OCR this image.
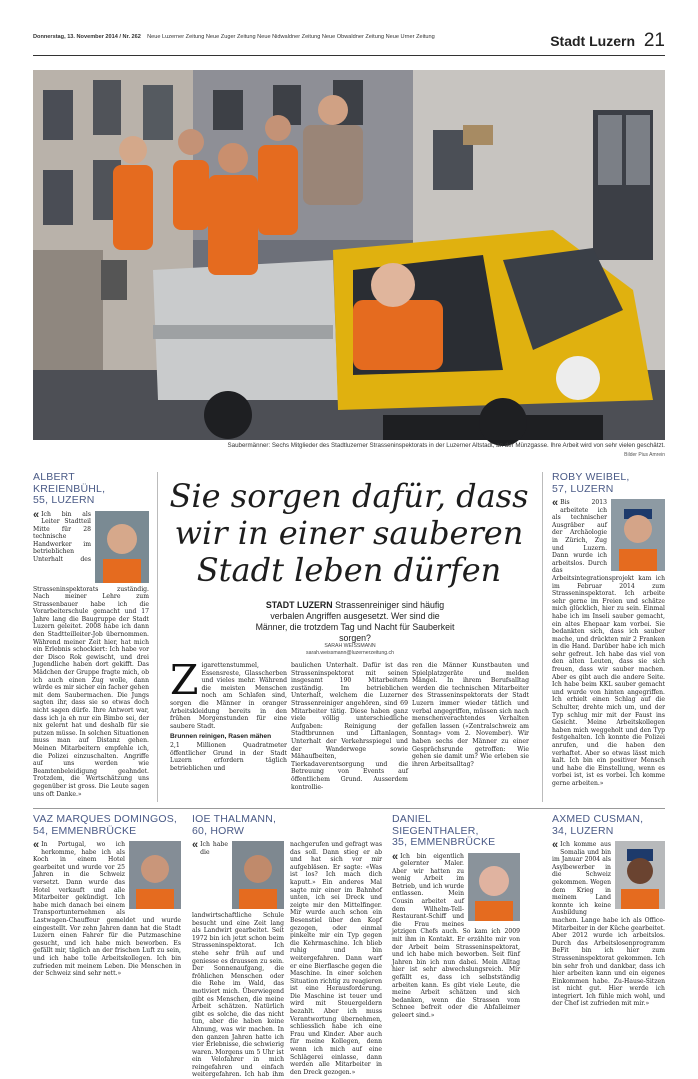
Donnerstag, 13. November 2014 / Nr. 262 Neue Luzerner Zeitung Neue Zuger Zeitung Neue Nidwaldner Zeitung Neue Obwaldner Zeitung Neue Urner Zeitung	Stadt Luzern 21
Saubermänner: Sechs Mitglieder des Stadtluzerner Strasseninspektorats in der Luzerner Altstadt, an der Münzgasse. Ihre Arbeit wird von sehr vielen geschätzt.
Bilder Pius Amrein
ALBERT KREIENBÜHL,
55, LUZERN
« Ich bin als Leiter Stadtteil Mitte für 28 technische Handwerker im betrieblichen Unterhalt des Strasseninspektorats zuständig. Nach meiner Lehre zum Strassenbauer habe ich die Vorarbeiterschule gemacht und 17 Jahre lang die Baugruppe der Stadt Luzern geleitet. 2008 habe ich dann den Stadtteilleiter-Job übernommen. Während meiner Zeit hier, hat mich ein Erlebnis schockiert: Ich habe vor der Disco Rok gewischt, und drei Jugendliche haben dort gekifft. Das Mädchen der Gruppe fragte mich, ob ich auch einen Zug wolle, dann würde es mir sicher ein facher gehen mit dem Saubermachen. Die Jungs sagten ihr, dass sie so etwas doch nicht sagen dürfe. Ihre Antwort war, dass ich ja eh nur ein Bimbo sei, der nix gelernt hat und deshalb für sie putzen müsse. In solchen Situationen muss man auf Distanz gehen. Meinen Mitarbeitern empfehle ich, die Polizei einzuschalten. Angriffe auf uns werden wie Beamtenbeleidigung geahndet. Trotzdem, die Wertschätzung uns gegenüber ist gross. Die Leute sagen uns oft Danke.»
ROBY WEIBEL,
57, LUZERN
« Bis 2013 arbeitete ich als technischer Ausgräber auf der Archäologie in Zürich, Zug und Luzern. Dann wurde ich arbeitslos. Durch das Arbeitsintegrationsprojekt kam ich im Februar 2014 zum Strasseninspektorat. Ich arbeite sehr gerne im Freien und schätze mich glücklich, hier zu sein. Einmal habe ich im Inseli sauber gemacht, ein altes Ehepaar kam vorbei. Sie bedankten sich, dass ich sauber mache, und drückten mir 2 Franken in die Hand. Darüber habe ich mich sehr gefreut. Ich habe das viel von den alten Leuten, dass sie sich freuen, dass wir sauber machen. Aber es gibt auch die andere Seite. Ich habe beim KKL sauber gemacht und wurde von hinten angegriffen. Ich erhielt einen Schlag auf die Schulter, drehte mich um, und der Typ schlug mir mit der Faust ins Gesicht. Meine Arbeitskollegen haben mich weggeholt und den Typ festgehalten. Ich konnte die Polizei anrufen, und die haben den verhaftet. Aber so etwas lässt mich kalt. Ich bin ein positiver Mensch und habe die Einstellung, wenn es vorbei ist, ist es vorbei. Ich komme gerne arbeiten.»
Sie sorgen dafür, dass
wir in einer sauberen
Stadt leben dürfen
STADT LUZERN Strassenreiniger sind häufig verbalen Angriffen ausgesetzt. Wer sind die Männer, die trotzdem Tag und Nacht für Sauberkeit sorgen?
SARAH WEISSMANN
sarah.weissmann@luzernerzeitung.ch
Zigarettenstummel, Essensreste, Glasscherben und vieles mehr. Während die meisten Menschen noch am Schlafen sind, sorgen die Männer in oranger Arbeitskleidung bereits in den frühen Morgenstunden für eine saubere Stadt.
Brunnen reinigen, Rasen mähen
2,1 Millionen Quadratmeter öffentlicher Grund in der Stadt Luzern erfordern täglich betrieblichen und
baulichen Unterhalt. Dafür ist das Strasseninspektorat mit seinen insgesamt 190 Mitarbeitern zuständig. Im betrieblichen Unterhalt, welchem die Luzerner Strassenreiniger angehören, sind 69 Mitarbeiter tätig. Diese haben ganz viele völlig unterschiedliche Aufgaben: Reinigung der Stadtbrunnen und Liftanlagen, Unterhalt der Verkehrsspiegel und der Wanderwege sowie Mähaufbeiten, Tierkadaverentsorgung und die Betreuung von Events auf öffentlichem Grund. Ausserdem kontrollie-
ren die Männer Kunstbauten und Spielplatzgeräte und melden Mängel. In ihrem Berufsalltag werden die technischen Mitarbeiter des Strasseninspektorats der Stadt Luzern immer wieder tätlich und verbal angegriffen, müssen sich nach menschenverachtendes Verhalten gefallen lassen («Zentralschweiz am Sonntag» vom 2. November). Wir haben sechs der Männer zu einer Gesprächsrunde getroffen: Wie gehen sie damit um? Wie erleben sie ihren Arbeitsalltag?
VAZ MARQUES DOMINGOS,
54, EMMENBRÜCKE
« In Portugal, wo ich herkomme, habe ich als Koch in einem Hotel gearbeitet und wurde vor 25 Jahren in die Schweiz versetzt. Dann wurde das Hotel verkauft und alle Mitarbeiter gekündigt. Ich habe mich danach bei einem Transportunternehmen als Lastwagen-Chauffeur gemeldet und wurde eingestellt. Vor zehn Jahren dann hat die Stadt Luzern einen Fahrer für die Putzmaschine gesucht, und ich habe mich beworben. Es gefällt mir, täglich an der frischen Luft zu sein, und ich habe tolle Arbeitskollegen. Ich bin zufrieden mit meinem Leben. Die Menschen in der Schweiz sind sehr nett.»
IOE THALMANN,
60, HORW
« Ich habe die landwirtschaftliche Schule besucht und eine Zeit lang als Landwirt gearbeitet. Seit 1972 bin ich jetzt schon beim Strasseninspektorat. Ich stehe sehr früh auf und geniesse es draussen zu sein. Der Sonnenaufgang, die fröhlichen Menschen oder die Rehe im Wald, das motiviert mich. Überwiegend gibt es Menschen, die meine Arbeit schätzen. Natürlich gibt es solche, die das nicht tun, aber die haben keine Ahnung, was wir machen. In den ganzen Jahren hatte ich vier Erlebnisse, die schwierig waren. Morgens um 5 Uhr ist ein Velofahrer in mich reingefahren und einfach weitergefahren. Ich hab ihm nachgerufen und gefragt was das soll. Dann stieg er ab und hat sich vor mir aufgebläsen. Er sagte: «Was ist los? Ich mach dich kaputt.» Ein anderes Mal sagte mir einer im Bahnhof unten, ich sei Dreck und zeigte mir den Mittelfinger. Mir wurde auch schon ein Besenstiel über den Kopf gezogen, oder einmal pinkelte mir ein Typ gegen die Kehrmaschine. Ich blieb ruhig und bin weitergefahren. Dann warf er eine Bierflasche gegen die Maschine. In einer solchen Situation richtig zu reagieren ist eine Herausforderung. Die Maschine ist teuer und wird mit Steuergeldern bezahlt. Aber ich muss Verantwortung übernehmen, schliesslich habe ich eine Frau und Kinder. Aber auch für meine Kollegen, denn wenn ich mich auf eine Schlägerei einlasse, dann werden alle Mitarbeiter in den Dreck gezogen.»
DANIEL SIEGENTHALER,
35, EMMENBRÜCKE
« Ich bin eigentlich gelernter Maler. Aber wir hatten zu wenig Arbeit im Betrieb, und ich wurde entlassen. Mein Cousin arbeitet auf dem Wilhelm-Tell-Restaurant-Schiff und die Frau meines jetzigen Chefs auch. So kam ich 2009 mit ihm in Kontakt. Er erzählte mir von der Arbeit beim Strasseninspektorat, und ich habe mich beworben. Seit fünf Jahren bin ich nun dabei. Mein Alltag hier ist sehr abwechslungsreich. Mir gefällt es, dass ich selbstständig arbeiten kann. Es gibt viele Leute, die meine Arbeit schätzen und sich bedanken, wenn die Strassen vom Schnee befreit oder die Abfalleimer geleert sind.»
AXMED CUSMAN,
34, LUZERN
« Ich komme aus Somalia und bin im Januar 2004 als Asylbewerber in die Schweiz gekommen. Wegen dem Krieg in meinem Land konnte ich keine Ausbildung machen. Lange habe ich als Office-Mitarbeiter in der Küche gearbeitet. Aber 2012 wurde ich arbeitslos. Durch das Arbeitslosenprogramm BeFit bin ich hier zum Strasseninspektorat gekommen. Ich bin sehr froh und dankbar, dass ich hier arbeiten kann und ein eigenes Einkommen habe. Zu-Hause-Sitzen ist nicht gut. Hier werde ich integriert. Ich fühle mich wohl, und der Chef ist zufrieden mit mir.»
